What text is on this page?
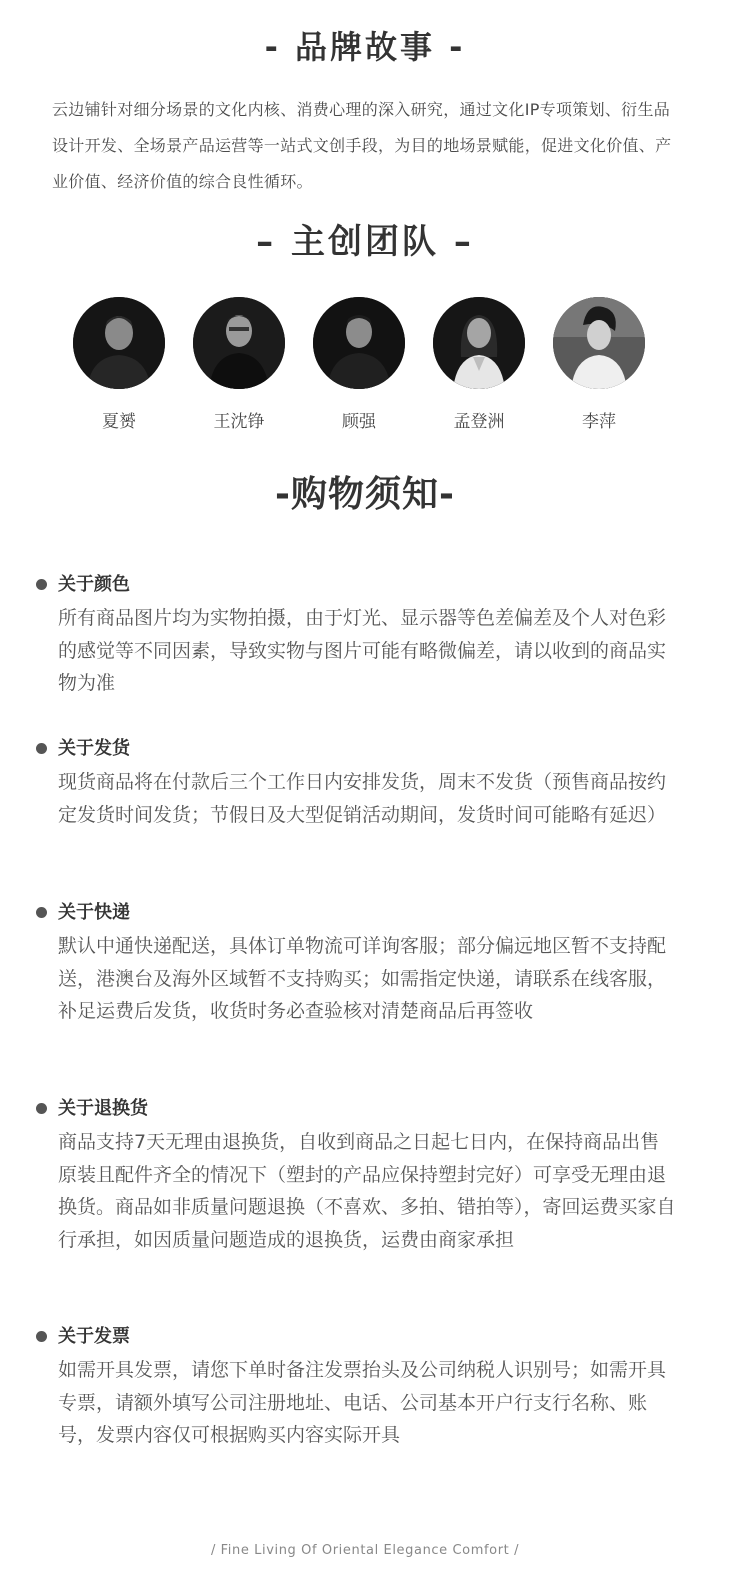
- 品牌故事 -

云边铺针对细分场景的文化内核、消费心理的深入研究，通过文化IP专项策划、衍生品设计开发、全场景产品运营等一站式文创手段，为目的地场景赋能，促进文化价值、产业价值、经济价值的综合良性循环。

– 主创团队 –
夏赟	王沈铮	顾强	孟登洲	李萍
-购物须知-
关于颜色

所有商品图片均为实物拍摄，由于灯光、显示器等色差偏差及个人对色彩的感觉等不同因素，导致实物与图片可能有略微偏差，请以收到的商品实物为准

关于发货

现货商品将在付款后三个工作日内安排发货，周末不发货（预售商品按约定发货时间发货；节假日及大型促销活动期间，发货时间可能略有延迟）

关于快递

默认中通快递配送，具体订单物流可详询客服；部分偏远地区暂不支持配送，港澳台及海外区域暂不支持购买；如需指定快递，请联系在线客服，补足运费后发货，收货时务必查验核对清楚商品后再签收

关于退换货

商品支持7天无理由退换货，自收到商品之日起七日内，在保持商品出售原装且配件齐全的情况下（塑封的产品应保持塑封完好）可享受无理由退换货。商品如非质量问题退换（不喜欢、多拍、错拍等），寄回运费买家自行承担，如因质量问题造成的退换货，运费由商家承担

关于发票

如需开具发票，请您下单时备注发票抬头及公司纳税人识别号；如需开具专票，请额外填写公司注册地址、电话、公司基本开户行支行名称、账号，发票内容仅可根据购买内容实际开具

/ Fine Living Of Oriental Elegance Comfort /
